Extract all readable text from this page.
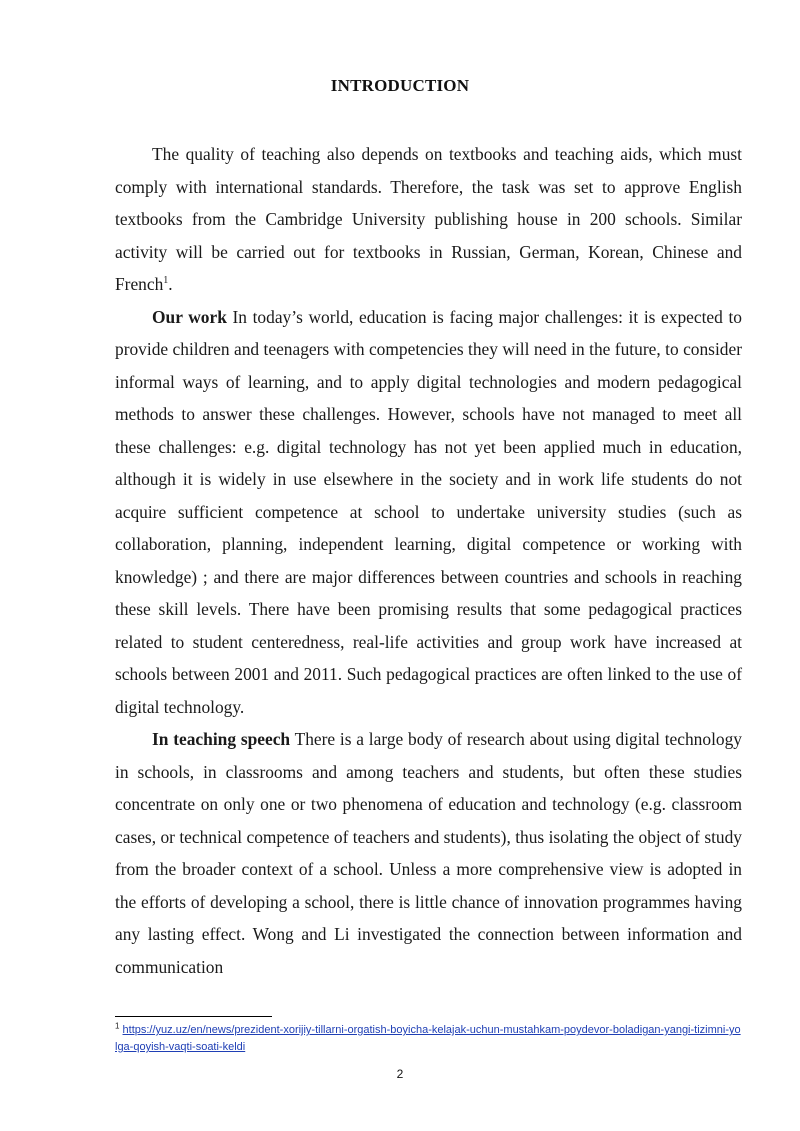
INTRODUCTION

The quality of teaching also depends on textbooks and teaching aids, which must comply with international standards. Therefore, the task was set to approve English textbooks from the Cambridge University publishing house in 200 schools. Similar activity will be carried out for textbooks in Russian, German, Korean, Chinese and French$^1$.

Our work In today’s world, education is facing major challenges: it is expected to provide children and teenagers with competencies they will need in the future, to consider informal ways of learning, and to apply digital technologies and modern pedagogical methods to answer these challenges. However, schools have not managed to meet all these challenges: e.g. digital technology has not yet been applied much in education, although it is widely in use elsewhere in the society and in work life students do not acquire sufficient competence at school to undertake university studies (such as collaboration, planning, independent learning, digital competence or working with knowledge) ; and there are major differences between countries and schools in reaching these skill levels. There have been promising results that some pedagogical practices related to student centeredness, real-life activities and group work have increased at schools between 2001 and 2011. Such pedagogical practices are often linked to the use of digital technology.

In teaching speech There is a large body of research about using digital technology in schools, in classrooms and among teachers and students, but often these studies concentrate on only one or two phenomena of education and technology (e.g. classroom cases, or technical competence of teachers and students), thus isolating the object of study from the broader context of a school. Unless a more comprehensive view is adopted in the efforts of developing a school, there is little chance of innovation programmes having any lasting effect. Wong and Li investigated the connection between information and communication

$^1$ https://yuz.uz/en/news/prezident-xorijiy-tillarni-orgatish-boyicha-kelajak-uchun-mustahkam-poydevor-boladigan-yangi-tizimni-yolga-qoyish-vaqti-soati-keldi
2
